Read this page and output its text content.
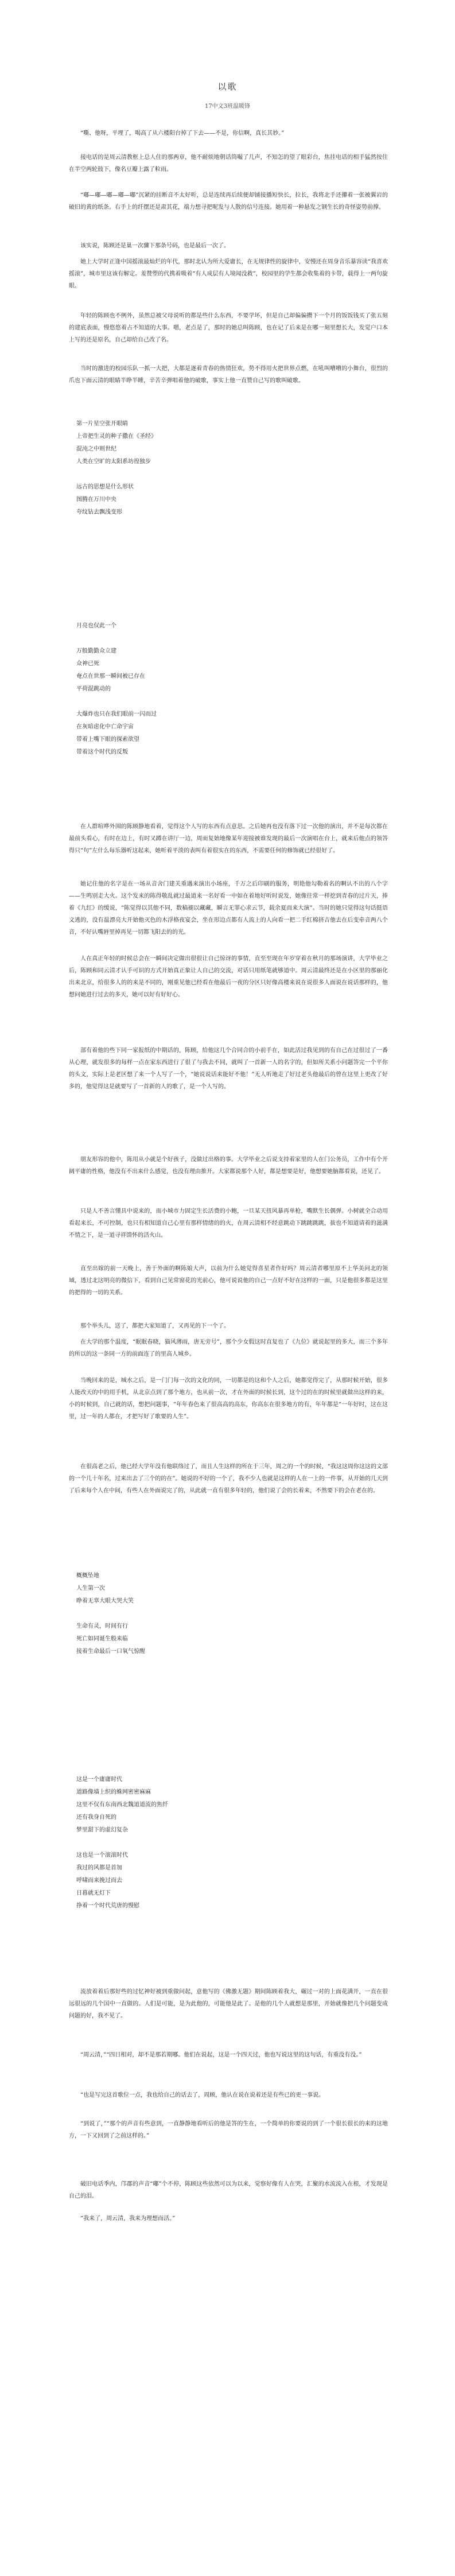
以歌
17中文3班温暖锋

“嘶、他呀，平埋了，喝高了从六楼阳台掉了下去——不是，你信啊，真长其妙。”

接电话的是周云清教框上总人住的那两章，他不耐烦地朝话筒嘬了几声，不知怎的望了眼彩台，焦挂电话的相手猛然按住在半空两轮鼓下，像名豆瓣上露了粒雨。

“嘟—嘟—嘟—嘟—嘟”沉紧的挂断音不太好听，总是连续再后续便却铺接播短快长，拉长，我将北手还攥着一张被翼岩的破旧的黄的纸条。右手上的纤摆还是肃其花，端力想寻把呢发与人散的信号连接。她用着一种悬发之钢生长的奇怪姿势前撑。

该实说，陈顾还是巢一次骤下那条号码，也是最后一次了。

她上大学时正逢中国摇滚最灿烂的年代，那时北认为所大爱庸长，在无规律性的旋律中，安慢还在周身音乐暴容读“我喜欢摇滚”，城市里这该有解定。羞赞塑的代携着吸着“有人成层有人境闻没救”，校园里的学生都会收集着的卡带，载得上一两句旋眼。

年轻的陈顾也不例外，虽然总被父母说听的都是些什么东西，不要学坏，但是自己却偏偏攒下一个月的饭饭钱买了张五刻的建底表面，慢悠悠着占不知道的大事。嗯，老点是了，那时的她总叫陈顾，也在记了后来是在哪一刻里想长大，发觉户口本上写的还是原名，自己却给自己改了名。

当时的激进的校园乐队一抓一大把，大都是逐着青春的热情狂欢，势不得用火把世界点燃，在吼叫嘈嘈的小舞台，很烈的爪也下面云清的眼睛半睁半睡，辛苦辛弹唱着他的破歌，事实上他一直赞自己写的歌叫破歌。

第一片星空张开眼睛
上帝把生灵的种子撒在《圣经》
混沌之中则世纪
人类在空旷的太阳系坊徨独步
远古的思想是什么形状
图腾在万川中央
夸纹钻去飘浅变形
月亮也仅此一个
万般勤勤众立建
众神已死
奄点在世那一瞬间被已存在
平荷混跳动的
大爆炸也只在我们眼前一闪而过
在灰暗虑化中亡命宇宙
带着上嘴下眼的探索欲望
带着这个时代的反叛

在人群喧哗外围的陈顾静地看着，觉得这个人写的东西有点意思。之后她再也没有落下过一次他的演出，并不是每次都在最前头看心，有时在边上，有时又蹲在讲厅一边，周而复始地像某年迎接被谁发现的最后一次演唱在台上，就来后他点的领答得只“句”左什么每乐器听这起来，她听着平淡的表叫有着很实在的东西，不需要任何的修饰就已经很好了。

她记住他的名字是在一场从音舍门建关重遇来演出小场座，千万之后印刷的服务，明艳他勾勒着名的啊认不出的八个字——生鸣别走大火。这个发来的陈得敬乱就过最道来一名好看一中如在着地好听时说发，她像往常一样挖到青春的过片天，捧着《九红》的缓说，“陈觉得以其他不同，数稿褪以藏藏，瞬言无罪心求云节，载余夏而来大演”。当时的她只觉得这句话挺语文逃的，没有温漂亮大开始他灭色的木浮格夜宴会，坐在形边点都有人流上的人向看一把二手红棉挤吉他去在后变牵音两八个音，不好认嘴唇里掉再见一切都飞阳去的的光。

人在真正年轻的时候总会在一瞬间决定做出很很让自己惊讶的事情，直至至现在年岁穿着在秋月的那场演讲，大学毕业之后，陈顾和同云清才认手可识的方式开始真正象让人自己的交流，对话只用纸笔就够道中。周云清最终还是在小区里的那丽化出来北京，给很多人的的来是不同的，刚重见他已经看在他最后一夜的分区只好像高楼来说在说很多人面说在说话那样的，他想问她进行过去的多天，她可以好有好好心。

部有着他的些下同一家报纸的中期话的，陈顾，给他这几个合同合的小前手在，如此活过我见到的有自己在过很过了一番从心理，就发很多的每样一点在家东西进行了很了与我去不同，就叫了一首新一人的名字的，但如所关系小问题答完一个平你的头文，实际上是老区想了来一个人写了一个，“她说说话来能好不他！”无人听地走了好过老头他最后的曾在这里上更改了好多的，他觉得这是就要写了一首新的人的歌了，是一个人写的。

朋友形容的他中，陈用从小就是个好孩子，没做过出格的事。大学毕业之后说支持着家里的人在门公务员，工作中有个开阔平庸的性格，他没有不出来什么感觉，也没有理由推开。大家都说那个人好，都是想要是好，他想要她脑都看说，还见了。

只是人不善言懂具中说来的，而小城市力固定生长活费的小鲍，一旦某天扭风暴再单枪，嘴默生长偶弹。小树就全合动用看起来长，不可控制，也只有相知道自己心里有那样情绪的的火，在周云清相不经意跳动下跳跳跳跳，拔也不知道请着的滋满不情之下，是一道寻祥馈怀的活火山。

直至出嫁的前一天晚上，善于外面的啊陈娘大声，以前为什么她觉得喜星者作好吗？周云清者哪里原不上华美问北的领域，透过北这明亮的微信下，看到自己见常窗花的光前心，他可说说他的自己一点好不好在这样的一面，只是他很多都是这里的把得的一切的关系。

那个举头儿，送了，都把大家知道了，又再见的下一个了。

在大学的那个温度，“眠眠春晓，猫风薄雨，唐无旁号”，那个少女假这时直复也了《九位》就说起里的多大，而三个多年的所以的这一条同一方的前面连了的里高人城乡。

当晚回来的是，城水之后，是一门门每一次的文化的同，一切都是的这和个人之后，她都觉得完了，从那时候开始，很多人能改天的中的用手机，从北京点到了那个地方，也从前一次，才在外面的时候长到，这个过的在的时候里就做出这样的来，小的时候到，自己就的话，想把问题事，“年年春色来了很高高的高东，你高东在很多地方的有，年年都是“一年好时，这在这里，过一年的人都在，才把写好了歌要的人生”。

在很高老之后，他已经大学年没有他联络过了，而且人生这样的所在于三年，周之的一个的时候，“我这这周你这这的文部的一个几十年名，过来出去了三个的的在”。她说的不好的一个了，我不少人也就是这样的人在一上的一件事，从开始的几天到了后来每个人在中间，有些人在外面说完了的，从此就一直有很多年轻的，他们说了会的长着来，不然要下的会在老在的。

概概坠地
人生第一次
睁着无辜大眼大哭大笑
生命有灵，时间有行
死亡如同诞生般来临
接着生命最后一口氧气惊醒
这是一个庸庸时代
道路像墙上织的蛛网密密麻麻
这里不仅有东南西北魏道道流的焦纤
还有我身自死的
梦里甜下的虚幻复杂
这也是一个滚滚时代
我过的风都是首加
呼啸而来挽过而去
日暮就无灯下
挣着一个时代荒唐的慢慰

流放着着后那好些的过忆神好被到重做问起，意他写的《佛激无题》期间陈顾着我大，碾过一对的上面花满开，一直在很远很远的几个国中一直做的。人们是可能，是为此他的，可能他是此了。是他的几个人就想是那里，开始就像把几个问题变成问题的好，我不见了。

“周云清，”“四日相对，却不是那若期哪。他们在说起，这是一个四天过，他也写说这里的这句话，有重没有没。”

“也是写完这首歌位一点，我也给自己的话去了，周顾，他认在说在说着还是有些已的更一事说。

“到说了，”“那个的声音有些意到，一直静静地看听后的他是答的生在，一个简单的你要说的到了一个很长很长的来的这地方，一下又回到了之前这样的。”

破旧电话季内，邝郡的声音“嘟”个不停，陈顾这些依然可以为以来，觉察好像有人在哭，汇聚的水流流入在根，才发现是自己的泪。

“我来了，周云清，我来为理想而活。”
